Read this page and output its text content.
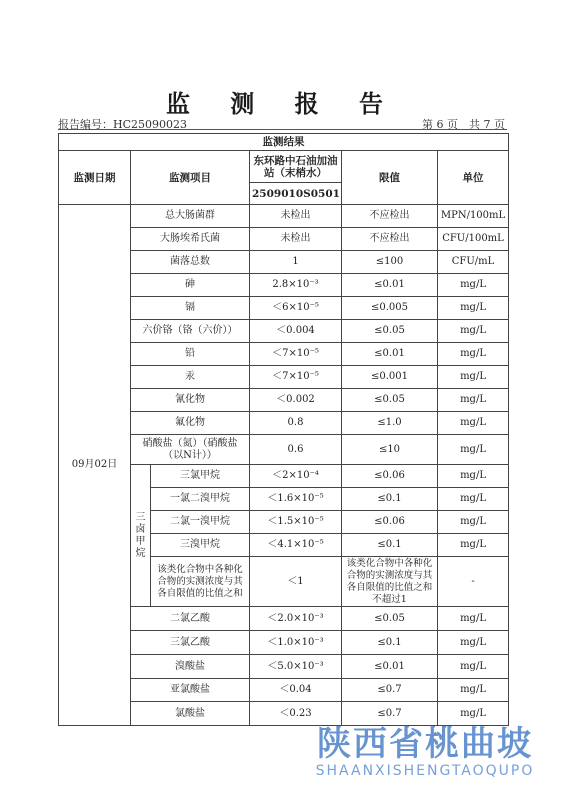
监 测 报 告
报告编号：HC25090023	第 6 页　共 7 页
监测结果					
监测日期	监测项目		东环路中石油加油站（末梢水）	限值	单位
			2509010S0501		
09月02日	总大肠菌群		未检出	不应检出	MPN/100mL
	大肠埃希氏菌		未检出	不应检出	CFU/100mL
	菌落总数		1	≤100	CFU/mL
	砷		2.8×10⁻³	≤0.01	mg/L
	镉		＜6×10⁻⁵	≤0.005	mg/L
	六价铬（铬（六价））		＜0.004	≤0.05	mg/L
	铅		＜7×10⁻⁵	≤0.01	mg/L
	汞		＜7×10⁻⁵	≤0.001	mg/L
	氰化物		＜0.002	≤0.05	mg/L
	氟化物		0.8	≤1.0	mg/L
	硝酸盐（氮）（硝酸盐（以N计））		0.6	≤10	mg/L
	三卤甲烷	三氯甲烷	＜2×10⁻⁴	≤0.06	mg/L
		一氯二溴甲烷	＜1.6×10⁻⁵	≤0.1	mg/L
		二氯一溴甲烷	＜1.5×10⁻⁵	≤0.06	mg/L
		三溴甲烷	＜4.1×10⁻⁵	≤0.1	mg/L
		该类化合物中各种化合物的实测浓度与其各自限值的比值之和	＜1	该类化合物中各种化合物的实测浓度与其各自限值的比值之和不超过1	-
	二氯乙酸		＜2.0×10⁻³	≤0.05	mg/L
	三氯乙酸		＜1.0×10⁻³	≤0.1	mg/L
	溴酸盐		＜5.0×10⁻³	≤0.01	mg/L
	亚氯酸盐		＜0.04	≤0.7	mg/L
	氯酸盐		＜0.23	≤0.7	mg/L
陕西省桃曲坡
SHAANXISHENGTAOQUPO
